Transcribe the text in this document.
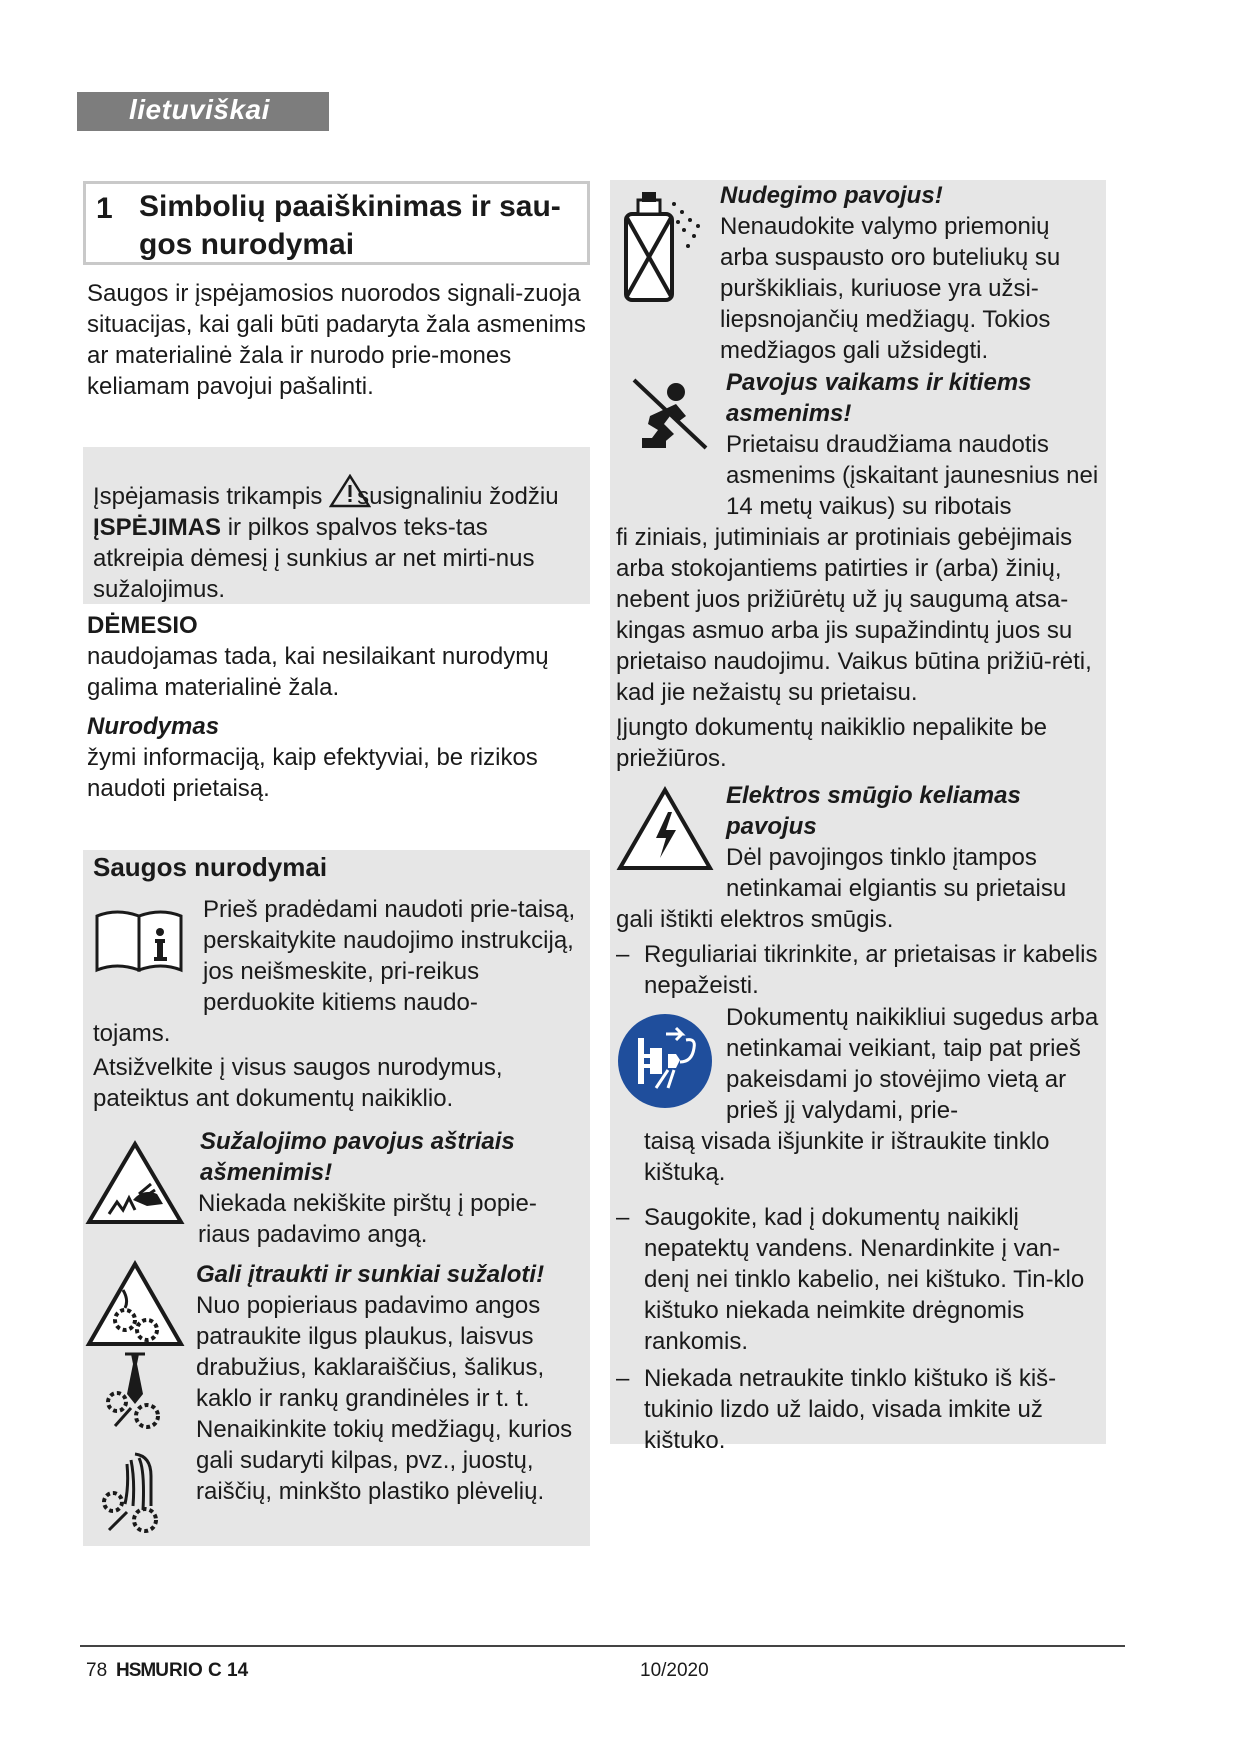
lietuviškai
1 Simbolių paaiškinimas ir sau-
gos nurodymai
Saugos ir įspėjamosios nuorodos signali-zuoja situacijas, kai gali būti padaryta žala asmenims ar materialinė žala ir nurodo prie-mones keliamam pavojui pašalinti.
Įspėjamasis trikampis susignaliniu žodžiu ĮSPĖJIMAS ir pilkos spalvos teks-tas atkreipia dėmesį į sunkius ar net mirti-nus sužalojimus.
DĖMESIO
naudojamas tada, kai nesilaikant nurodymų galima materialinė žala.
Nurodymas
žymi informaciją, kaip efektyviai, be rizikos naudoti prietaisą.
Saugos nurodymai
Prieš pradėdami naudoti prie-taisą, perskaitykite naudojimo instrukciją, jos neišmeskite, pri-reikus perduokite kitiems naudo-
tojams.
Atsižvelkite į visus saugos nurodymus, pateiktus ant dokumentų naikiklio.
Sužalojimo pavojus aštriais ašmenimis!
Niekada nekiškite pirštų į popie-riaus padavimo angą.
Gali įtraukti ir sunkiai sužaloti!
Nuo popieriaus padavimo angos patraukite ilgus plaukus, laisvus drabužius, kaklaraiščius, šalikus, kaklo ir rankų grandinėles ir t. t. Nenaikinkite tokių medžiagų, kurios gali sudaryti kilpas, pvz., juostų, raiščių, minkšto plastiko plėvelių.
Nudegimo pavojus!
Nenaudokite valymo priemonių arba suspausto oro buteliukų su purškikliais, kuriuose yra užsi-liepsnojančių medžiagų. Tokios medžiagos gali užsidegti.
Pavojus vaikams ir kitiems asmenims!
Prietaisu draudžiama naudotis asmenims (įskaitant jaunesnius nei 14 metų vaikus) su ribotais
fi ziniais, jutiminiais ar protiniais gebėjimais arba stokojantiems patirties ir (arba) žinių, nebent juos prižiūrėtų už jų saugumą atsa-kingas asmuo arba jis supažindintų juos su prietaiso naudojimu. Vaikus būtina prižiū-rėti, kad jie nežaistų su prietaisu.
Įjungto dokumentų naikiklio nepalikite be priežiūros.
Elektros smūgio keliamas pavojus
Dėl pavojingos tinklo įtampos netinkamai elgiantis su prietaisu
gali ištikti elektros smūgis.
– Reguliariai tikrinkite, ar prietaisas ir kabelis nepažeisti.
Dokumentų naikikliui sugedus arba netinkamai veikiant, taip pat prieš pakeisdami jo stovėjimo vietą ar prieš jį valydami, prie-
taisą visada išjunkite ir ištraukite tinklo kištuką.
– Saugokite, kad į dokumentų naikiklį nepatektų vandens. Nenardinkite į van-denį nei tinklo kabelio, nei kištuko. Tin-klo kištuko niekada neimkite drėgnomis rankomis.
– Niekada netraukite tinklo kištuko iš kiš-tukinio lizdo už laido, visada imkite už kištuko.
78 HSMURIO C 14	10/2020
